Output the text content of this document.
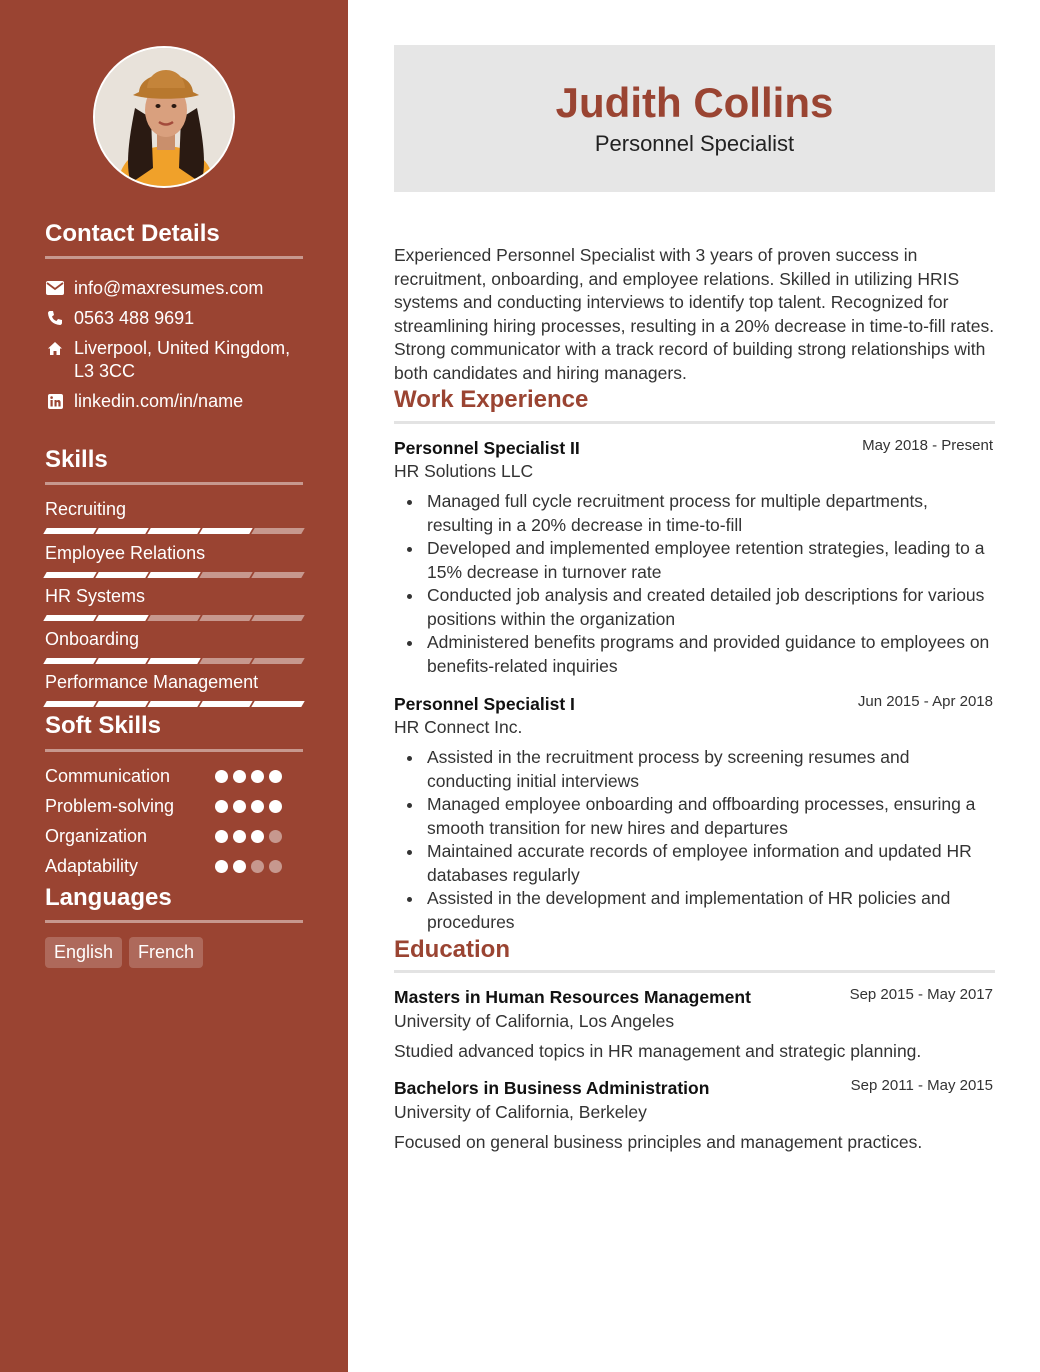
Contact Details
info@maxresumes.com
0563 488 9691
Liverpool, United Kingdom,
L3 3CC
linkedin.com/in/name
Skills
Recruiting
Employee Relations
HR Systems
Onboarding
Performance Management
Soft Skills
Communication
Problem-solving
Organization
Adaptability
Languages
English	French
Judith Collins
Personnel Specialist
Experienced Personnel Specialist with 3 years of proven success in recruitment, onboarding, and employee relations. Skilled in utilizing HRIS systems and conducting interviews to identify top talent. Recognized for streamlining hiring processes, resulting in a 20% decrease in time-to-fill rates. Strong communicator with a track record of building strong relationships with both candidates and hiring managers.
Work Experience
Personnel Specialist II	May 2018 - Present
HR Solutions LLC
Managed full cycle recruitment process for multiple departments, resulting in a 20% decrease in time-to-fill
Developed and implemented employee retention strategies, leading to a 15% decrease in turnover rate
Conducted job analysis and created detailed job descriptions for various positions within the organization
Administered benefits programs and provided guidance to employees on benefits-related inquiries
Personnel Specialist I	Jun 2015 - Apr 2018
HR Connect Inc.
Assisted in the recruitment process by screening resumes and conducting initial interviews
Managed employee onboarding and offboarding processes, ensuring a smooth transition for new hires and departures
Maintained accurate records of employee information and updated HR databases regularly
Assisted in the development and implementation of HR policies and procedures
Education
Masters in Human Resources Management	Sep 2015 - May 2017
University of California, Los Angeles
Studied advanced topics in HR management and strategic planning.
Bachelors in Business Administration	Sep 2011 - May 2015
University of California, Berkeley
Focused on general business principles and management practices.
